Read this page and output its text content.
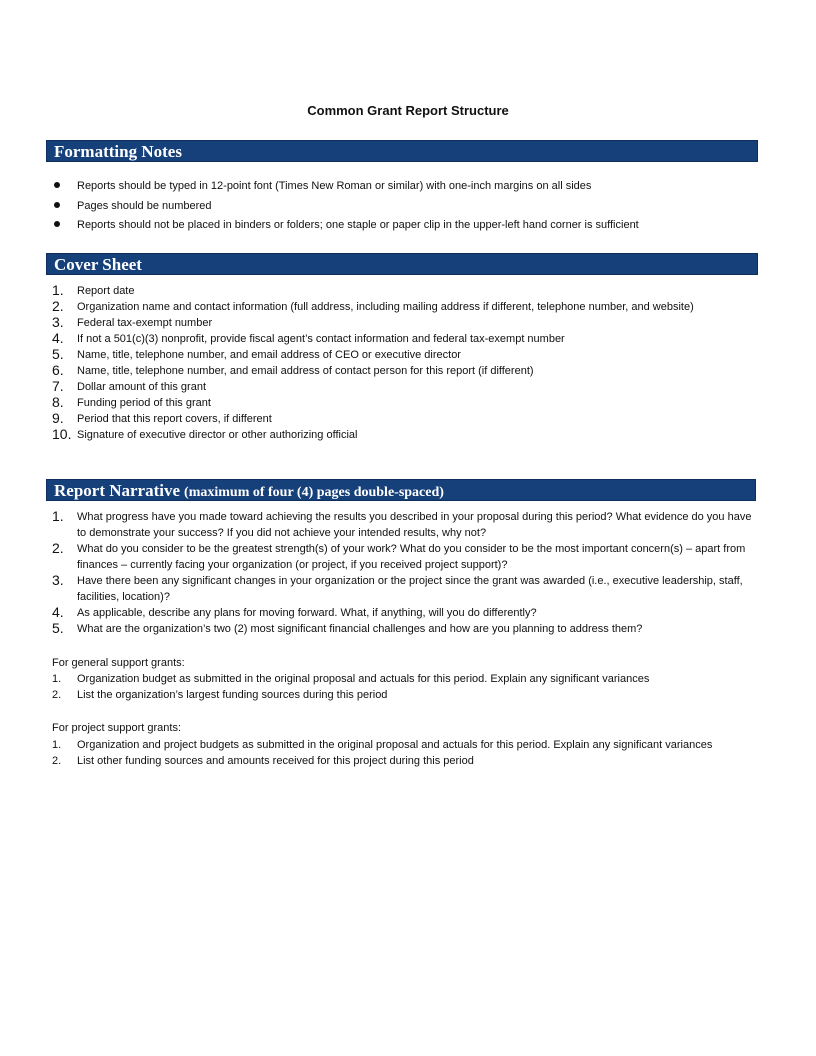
Common Grant Report Structure
Formatting Notes
Reports should be typed in 12-point font (Times New Roman or similar) with one-inch margins on all sides
Pages should be numbered
Reports should not be placed in binders or folders; one staple or paper clip in the upper-left hand corner is sufficient
Cover Sheet
1. Report date
2. Organization name and contact information (full address, including mailing address if different, telephone number, and website)
3. Federal tax-exempt number
4. If not a 501(c)(3) nonprofit, provide fiscal agent’s contact information and federal tax-exempt number
5. Name, title, telephone number, and email address of CEO or executive director
6. Name, title, telephone number, and email address of contact person for this report (if different)
7. Dollar amount of this grant
8. Funding period of this grant
9. Period that this report covers, if different
10. Signature of executive director or other authorizing official
Report Narrative (maximum of four (4) pages double-spaced)
1. What progress have you made toward achieving the results you described in your proposal during this period? What evidence do you have to demonstrate your success? If you did not achieve your intended results, why not?
2. What do you consider to be the greatest strength(s) of your work? What do you consider to be the most important concern(s) – apart from finances – currently facing your organization (or project, if you received project support)?
3. Have there been any significant changes in your organization or the project since the grant was awarded (i.e., executive leadership, staff, facilities, location)?
4. As applicable, describe any plans for moving forward. What, if anything, will you do differently?
5. What are the organization’s two (2) most significant financial challenges and how are you planning to address them?
For general support grants:
1. Organization budget as submitted in the original proposal and actuals for this period. Explain any significant variances
2. List the organization’s largest funding sources during this period
For project support grants:
1. Organization and project budgets as submitted in the original proposal and actuals for this period. Explain any significant variances
2. List other funding sources and amounts received for this project during this period
